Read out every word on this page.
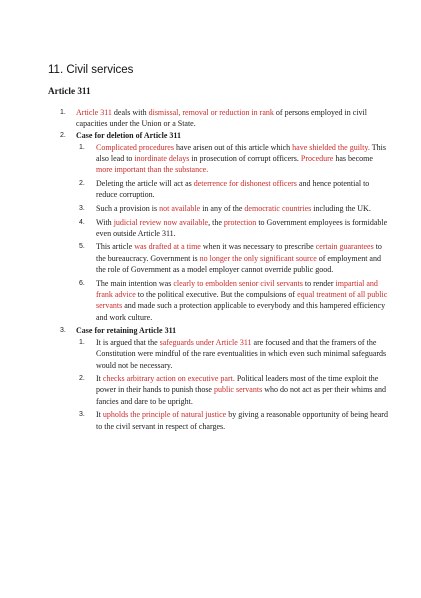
11. Civil services
Article 311
1. Article 311 deals with dismissal, removal or reduction in rank of persons employed in civil capacities under the Union or a State.
2. Case for deletion of Article 311
1. Complicated procedures have arisen out of this article which have shielded the guilty. This also lead to inordinate delays in prosecution of corrupt officers. Procedure has become more important than the substance.
2. Deleting the article will act as deterrence for dishonest officers and hence potential to reduce corruption.
3. Such a provision is not available in any of the democratic countries including the UK.
4. With judicial review now available, the protection to Government employees is formidable even outside Article 311.
5. This article was drafted at a time when it was necessary to prescribe certain guarantees to the bureaucracy. Government is no longer the only significant source of employment and the role of Government as a model employer cannot override public good.
6. The main intention was clearly to embolden senior civil servants to render impartial and frank advice to the political executive. But the compulsions of equal treatment of all public servants and made such a protection applicable to everybody and this hampered efficiency and work culture.
3. Case for retaining Article 311
1. It is argued that the safeguards under Article 311 are focused and that the framers of the Constitution were mindful of the rare eventualities in which even such minimal safeguards would not be necessary.
2. It checks arbitrary action on executive part. Political leaders most of the time exploit the power in their hands to punish those public servants who do not act as per their whims and fancies and dare to be upright.
3. It upholds the principle of natural justice by giving a reasonable opportunity of being heard to the civil servant in respect of charges.
